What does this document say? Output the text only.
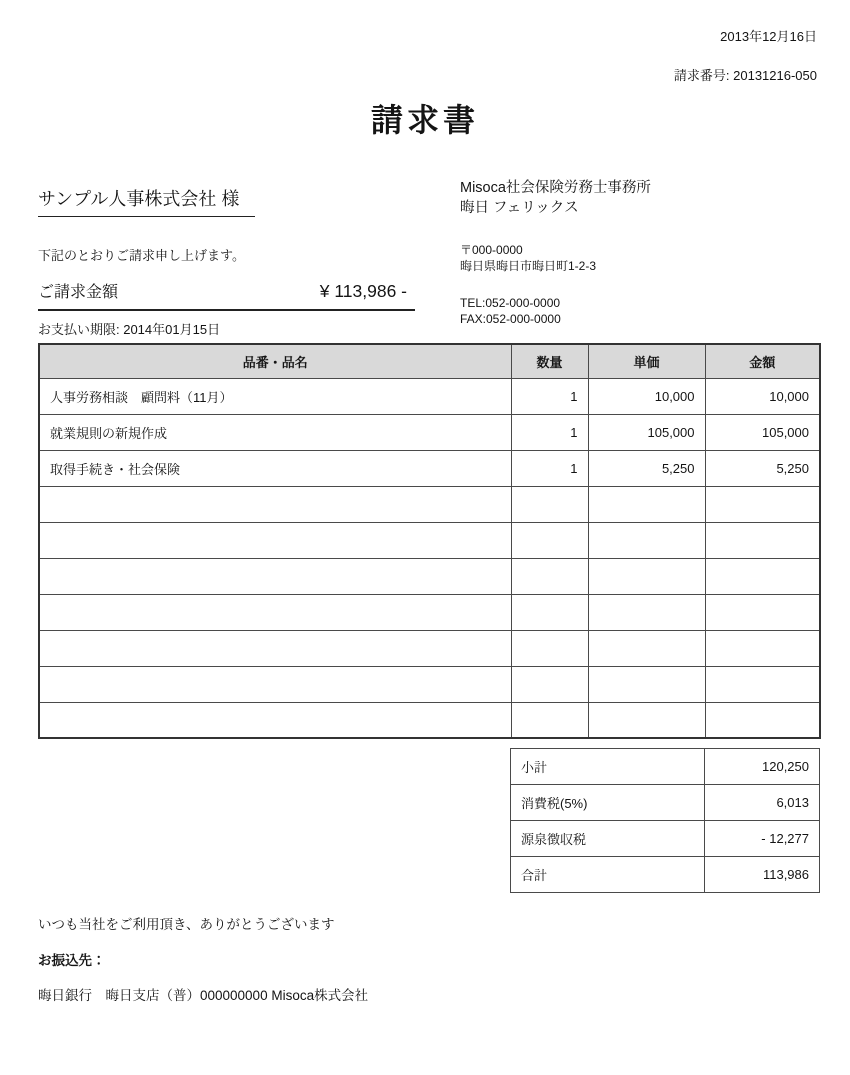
2013年12月16日
請求番号: 20131216-050
請求書
サンプル人事株式会社 様
下記のとおりご請求申し上げます。
ご請求金額	¥ 113,986 -
お支払い期限: 2014年01月15日
Misoca社会保険労務士事務所
晦日 フェリックス
〒000-0000
晦日県晦日市晦日町1-2-3
TEL:052-000-0000
FAX:052-000-0000
品番・品名	数量	単価	金額
人事労務相談　顧問料（11月）	1	10,000	10,000
就業規則の新規作成	1	105,000	105,000
取得手続き・社会保険	1	5,250	5,250

小計	120,250
消費税(5%)	6,013
源泉徴収税	- 12,277
合計	113,986
いつも当社をご利用頂き、ありがとうございます
お振込先：
晦日銀行　晦日支店（普）000000000 Misoca株式会社
